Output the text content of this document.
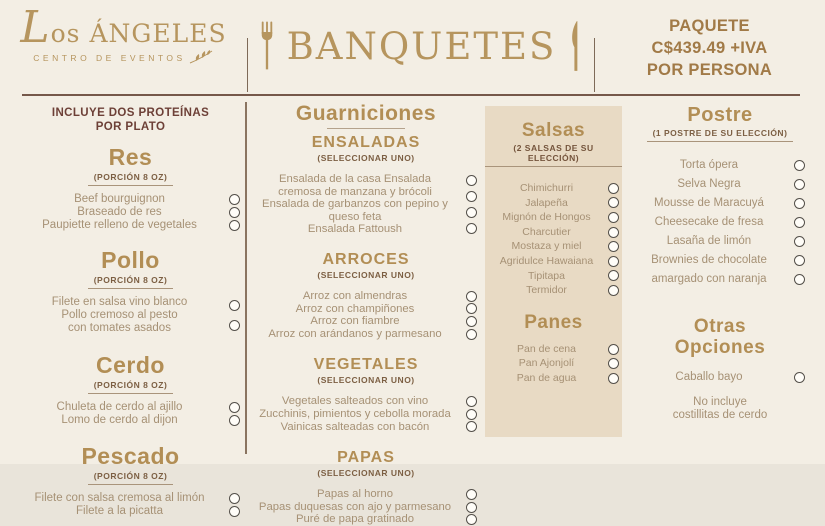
Los ÁNGELES
CENTRO DE EVENTOS	BANQUETES	PAQUETE
C$439.49 +IVA
POR PERSONA
INCLUYE DOS PROTEÍNAS
POR PLATO
Res
(PORCIÓN 8 OZ)
Beef bourguignon
Braseado de res
Paupiette relleno de vegetales
Pollo
(PORCIÓN 8 OZ)
Filete en salsa vino blanco
Pollo cremoso al pesto
con tomates asados
Cerdo
(PORCIÓN 8 OZ)
Chuleta de cerdo al ajillo
Lomo de cerdo al dijon
Pescado
(PORCIÓN 8 OZ)
Filete con salsa cremosa al limón
Filete a la picatta
Guarniciones
ENSALADAS
(SELECCIONAR UNO)
Ensalada de la casa Ensalada
cremosa de manzana y brócoli
Ensalada de garbanzos con pepino y
queso feta
Ensalada Fattoush
ARROCES
(SELECCIONAR UNO)
Arroz con almendras
Arroz con champiñones
Arroz con fiambre
Arroz con arándanos y parmesano
VEGETALES
(SELECCIONAR UNO)
Vegetales salteados con vino
Zucchinis, pimientos y cebolla morada
Vainicas salteadas con bacón
PAPAS
(SELECCIONAR UNO)
Papas al horno
Papas duquesas con ajo y parmesano
Puré de papa gratinado
Salsas
(2 SALSAS DE SU ELECCIÓN)
Chimichurri
Jalapeña
Mignón de Hongos
Charcutier
Mostaza y miel
Agridulce Hawaiana
Tipitapa
Termidor
Panes
Pan de cena
Pan Ajonjolí
Pan de agua
Postre
(1 POSTRE DE SU ELECCIÓN)
Torta ópera
Selva Negra
Mousse de Maracuyá
Cheesecake de fresa
Lasaña de limón
Brownies de chocolate
amargado con naranja
Otras
Opciones
Caballo bayo
No incluye
costillitas de cerdo
